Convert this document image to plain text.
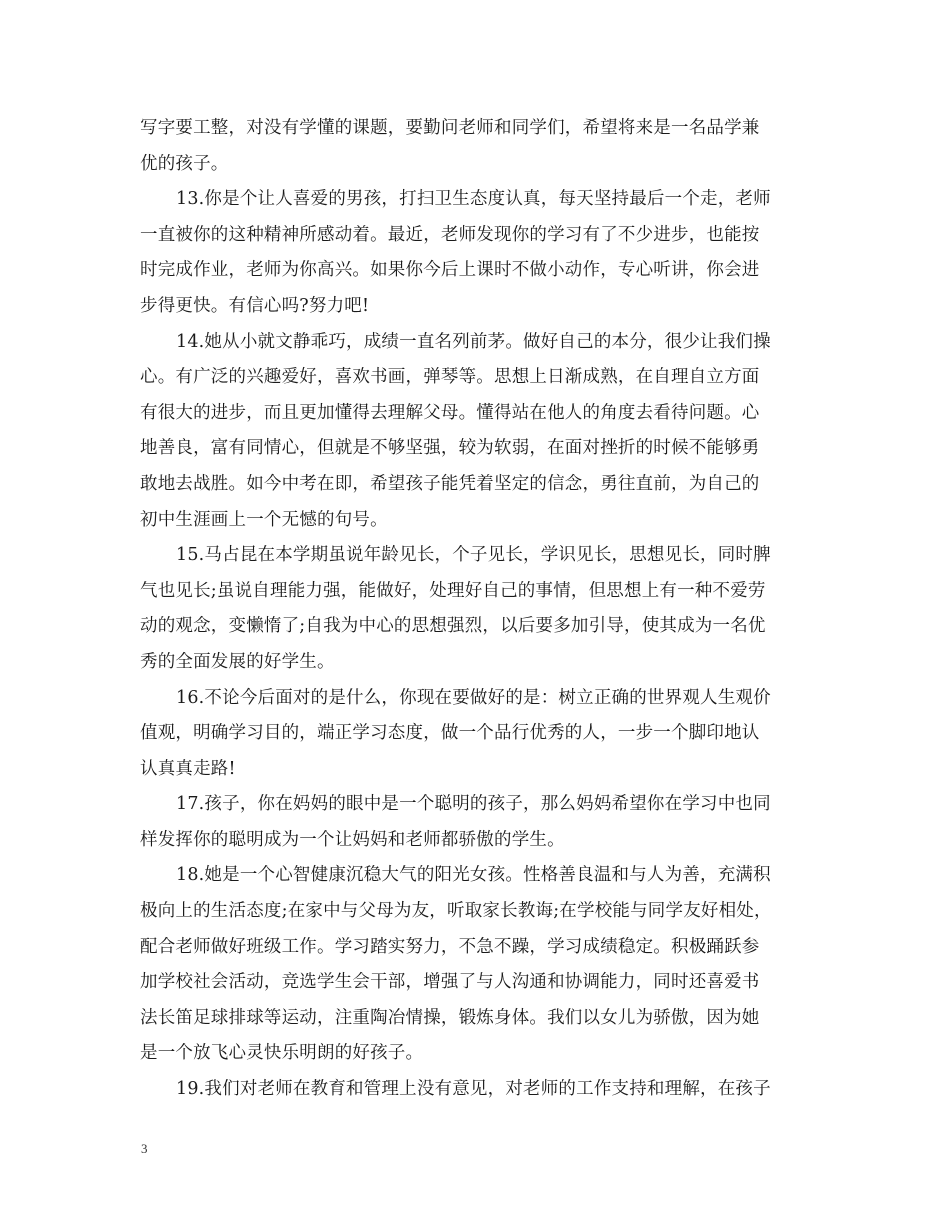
写字要工整，对没有学懂的课题，要勤问老师和同学们，希望将来是一名品学兼
优的孩子。
13.你是个让人喜爱的男孩，打扫卫生态度认真，每天坚持最后一个走，老师
一直被你的这种精神所感动着。最近，老师发现你的学习有了不少进步，也能按
时完成作业，老师为你高兴。如果你今后上课时不做小动作，专心听讲，你会进
步得更快。有信心吗?努力吧!
14.她从小就文静乖巧，成绩一直名列前茅。做好自己的本分，很少让我们操
心。有广泛的兴趣爱好，喜欢书画，弹琴等。思想上日渐成熟，在自理自立方面
有很大的进步，而且更加懂得去理解父母。懂得站在他人的角度去看待问题。心
地善良，富有同情心，但就是不够坚强，较为软弱，在面对挫折的时候不能够勇
敢地去战胜。如今中考在即，希望孩子能凭着坚定的信念，勇往直前，为自己的
初中生涯画上一个无憾的句号。
15.马占昆在本学期虽说年龄见长，个子见长，学识见长，思想见长，同时脾
气也见长;虽说自理能力强，能做好，处理好自己的事情，但思想上有一种不爱劳
动的观念，变懒惰了;自我为中心的思想强烈，以后要多加引导，使其成为一名优
秀的全面发展的好学生。
16.不论今后面对的是什么，你现在要做好的是：树立正确的世界观人生观价
值观，明确学习目的，端正学习态度，做一个品行优秀的人，一步一个脚印地认
认真真走路!
17.孩子，你在妈妈的眼中是一个聪明的孩子，那么妈妈希望你在学习中也同
样发挥你的聪明成为一个让妈妈和老师都骄傲的学生。
18.她是一个心智健康沉稳大气的阳光女孩。性格善良温和与人为善，充满积
极向上的生活态度;在家中与父母为友，听取家长教诲;在学校能与同学友好相处，
配合老师做好班级工作。学习踏实努力，不急不躁，学习成绩稳定。积极踊跃参
加学校社会活动，竞选学生会干部，增强了与人沟通和协调能力，同时还喜爱书
法长笛足球排球等运动，注重陶冶情操，锻炼身体。我们以女儿为骄傲，因为她
是一个放飞心灵快乐明朗的好孩子。
19.我们对老师在教育和管理上没有意见，对老师的工作支持和理解，在孩子
3
